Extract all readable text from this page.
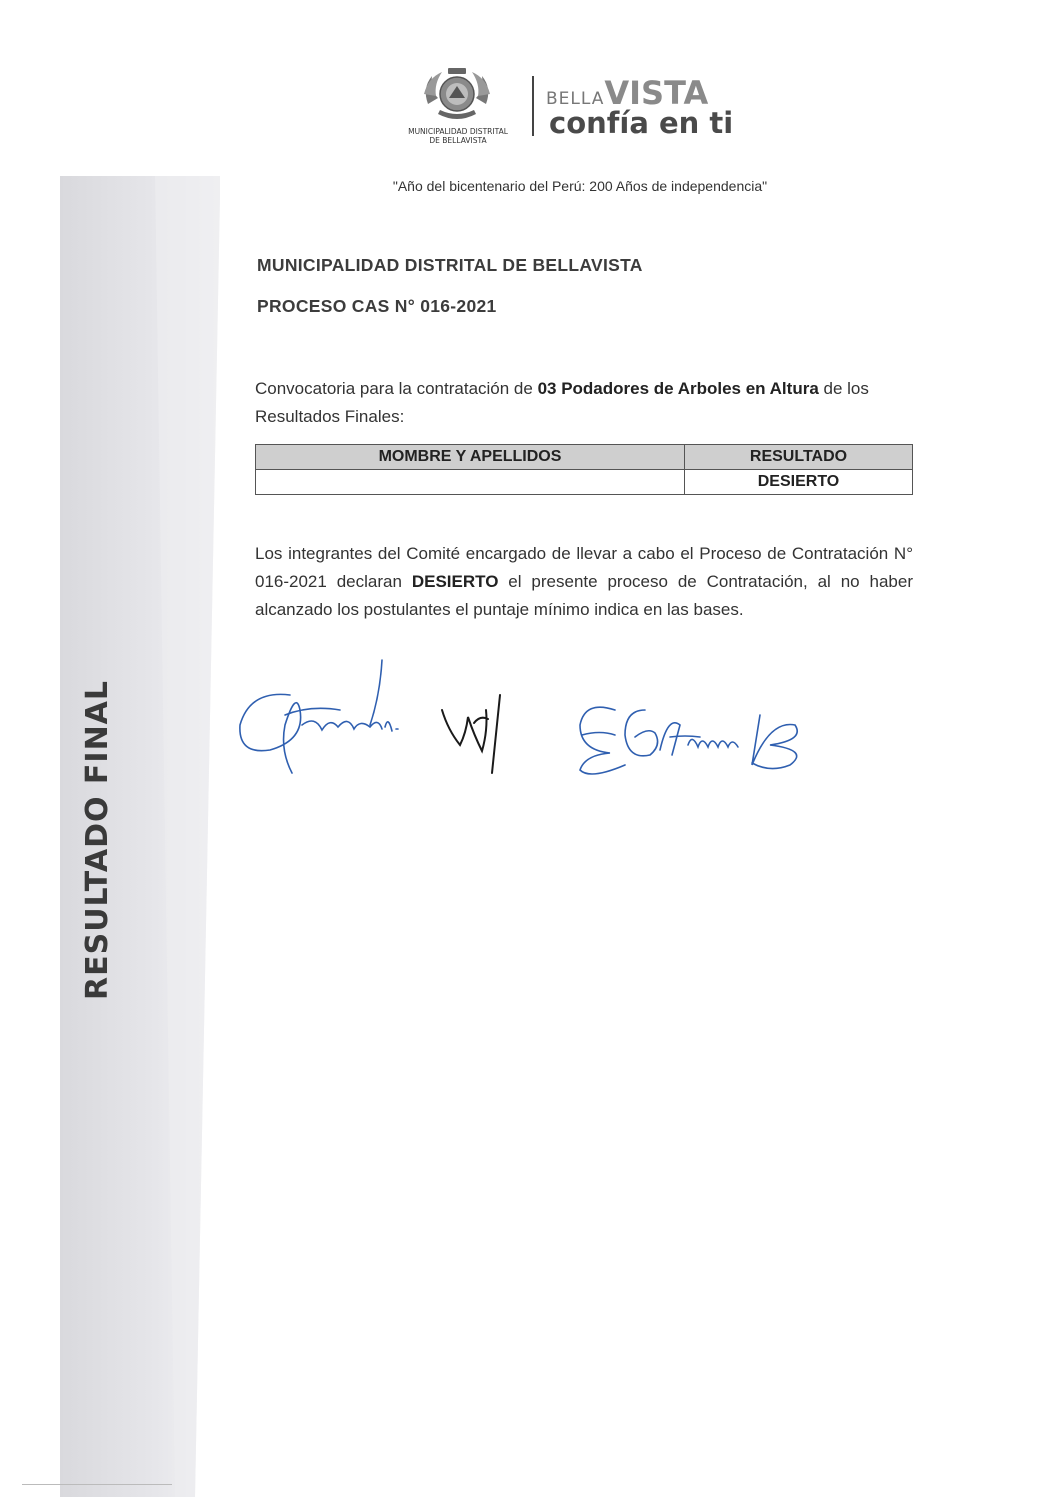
RESULTADO FINAL
MUNICIPALIDAD DISTRITAL
DE BELLAVISTA
BELLAVISTA
confía en ti
"Año del bicentenario del Perú: 200 Años de independencia"
MUNICIPALIDAD DISTRITAL DE BELLAVISTA
PROCESO CAS N° 016-2021
Convocatoria para la contratación de 03 Podadores de Arboles en Altura de los Resultados Finales:
MOMBRE Y APELLIDOS	RESULTADO
	DESIERTO
Los integrantes del Comité encargado de llevar a cabo el Proceso de Contratación N° 016-2021 declaran DESIERTO el presente proceso de Contratación, al no haber alcanzado los postulantes el puntaje mínimo indica en las bases.
